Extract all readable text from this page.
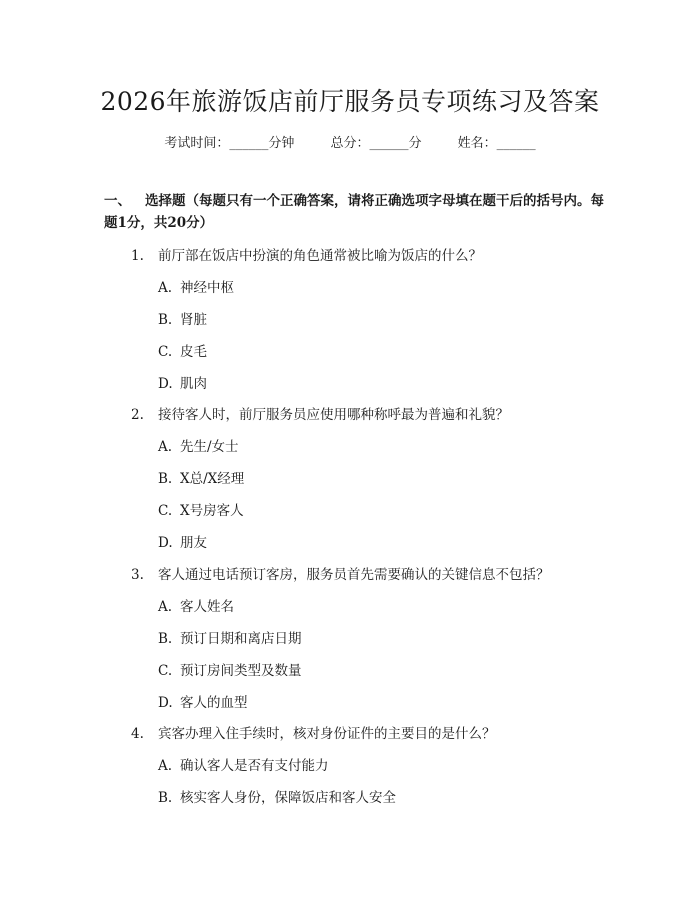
2026年旅游饭店前厅服务员专项练习及答案
考试时间：______分钟	总分：______分	姓名：______
一、 选择题（每题只有一个正确答案，请将正确选项字母填在题干后的括号内。每题1分，共20分）
1. 前厅部在饭店中扮演的角色通常被比喻为饭店的什么？
A. 神经中枢
B. 肾脏
C. 皮毛
D. 肌肉
2. 接待客人时，前厅服务员应使用哪种称呼最为普遍和礼貌？
A. 先生/女士
B. X总/X经理
C. X号房客人
D. 朋友
3. 客人通过电话预订客房，服务员首先需要确认的关键信息不包括？
A. 客人姓名
B. 预订日期和离店日期
C. 预订房间类型及数量
D. 客人的血型
4. 宾客办理入住手续时，核对身份证件的主要目的是什么？
A. 确认客人是否有支付能力
B. 核实客人身份，保障饭店和客人安全
